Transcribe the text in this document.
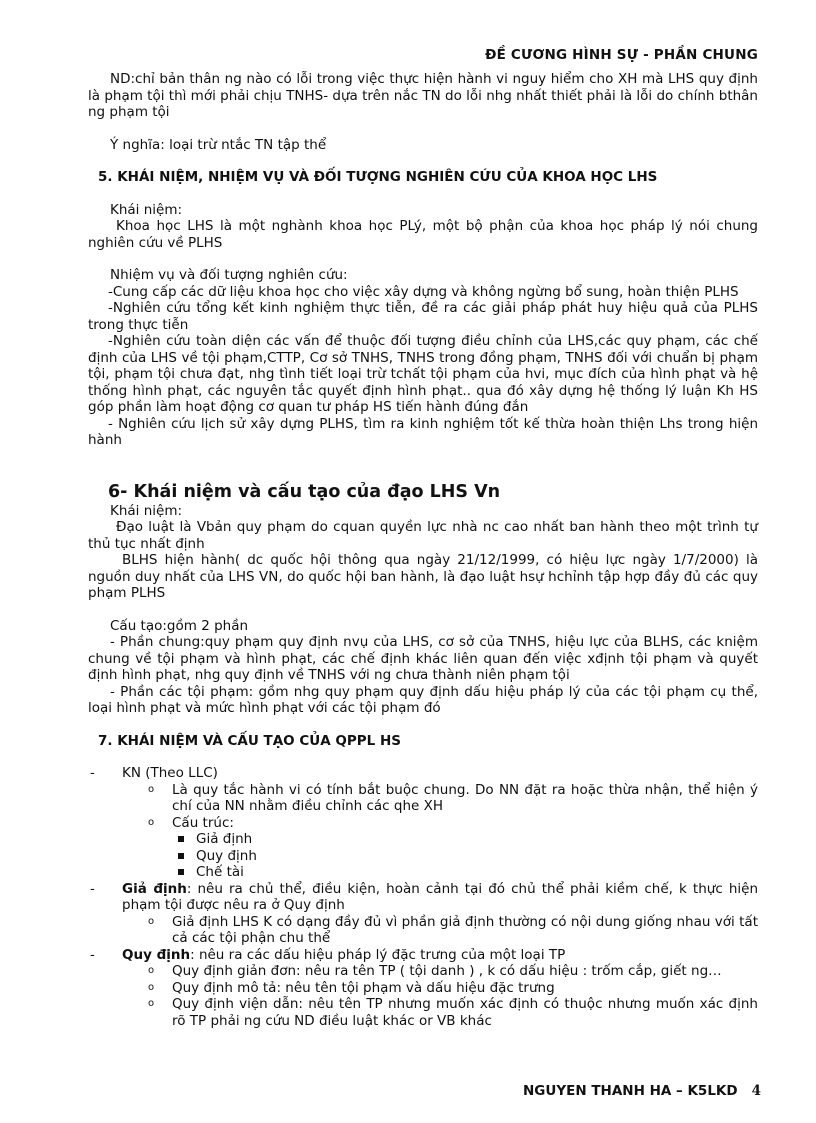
ĐỀ CƯƠNG HÌNH SỰ - PHẦN CHUNG

ND:chỉ bản thân ng nào có lỗi trong việc thực hiện hành vi nguy hiểm cho XH mà LHS quy định là phạm tội thì mới phải chịu TNHS- dựa trên nắc TN do lỗi nhg nhất thiết phải là lỗi do chính bthân ng phạm tội

Ý nghĩa: loại trừ ntắc TN tập thể

5. KHÁI NIỆM, NHIỆM VỤ VÀ ĐỐI TƯỢNG NGHIÊN CỨU CỦA KHOA HỌC LHS

Khái niệm:

Khoa học LHS là một nghành khoa học PLý, một bộ phận của khoa học pháp lý nói chung nghiên cứu về PLHS

Nhiệm vụ và đối tượng nghiên cứu:

-Cung cấp các dữ liệu khoa học cho việc xây dựng và không ngừng bổ sung, hoàn thiện PLHS

-Nghiên cứu tổng kết kinh nghiệm thực tiễn, đề ra các giải pháp phát huy hiệu quả của PLHS trong thực tiễn

-Nghiên cứu toàn diện các vấn để thuộc đối tượng điều chỉnh của LHS,các quy phạm, các chế định của LHS về tội phạm,CTTP, Cơ sở TNHS, TNHS trong đồng phạm, TNHS đối với chuẩn bị phạm tội, phạm tội chưa đạt, nhg tình tiết loại trừ tchất tội phạm của hvi, mục đích của hình phạt và hệ thống hình phạt, các nguyên tắc quyết định hình phạt.. qua đó xây dựng hệ thống lý luận Kh HS góp phần làm hoạt động cơ quan tư pháp HS tiến hành đúng đắn

- Nghiên cứu lịch sử xây dựng PLHS, tìm ra kinh nghiệm tốt kế thừa hoàn thiện Lhs trong hiện hành

6- Khái niệm và cấu tạo của đạo LHS Vn

Khái niệm:

Đạo luật là Vbản quy phạm do cquan quyền lực nhà nc cao nhất ban hành theo một trình tự thủ tục nhất định

BLHS hiện hành( dc quốc hội thông qua ngày 21/12/1999, có hiệu lực ngày 1/7/2000) là nguồn duy nhất của LHS VN, do quốc hội ban hành, là đạo luật hsự hchỉnh tập hợp đầy đủ các quy phạm PLHS

Cấu tạo:gồm 2 phần

- Phần chung:quy phạm quy định nvụ của LHS, cơ sở của TNHS, hiệu lực của BLHS, các kniệm chung về tội phạm và hình phạt, các chế định khác liên quan đến việc xđịnh tội phạm và quyết định hình phạt, nhg quy định về TNHS với ng chưa thành niên phạm tội

- Phần các tội phạm: gồm nhg quy phạm quy định dấu hiệu pháp lý của các tội phạm cụ thể, loại hình phạt và mức hình phạt với các tội phạm đó

7. KHÁI NIỆM VÀ CẤU TẠO CỦA QPPL HS

- KN (Theo LLC)
o Là quy tắc hành vi có tính bắt buộc chung. Do NN đặt ra hoặc thừa nhận, thể hiện ý chí của NN nhằm điều chỉnh các qhe XH

o Cấu trúc:
Giả định
Quy định
Chế tài
- Giả định: nêu ra chủ thể, điều kiện, hoàn cảnh tại đó chủ thể phải kiềm chế, k thực hiện phạm tội được nêu ra ở Quy định

o Giả định LHS K có dạng đầy đủ vì phần giả định thường có nội dung giống nhau với tất cả các tội phận chu thể

- Quy định: nêu ra các dấu hiệu pháp lý đặc trưng của một loại TP

o Quy định giản đơn: nêu ra tên TP ( tội danh ) , k có dấu hiệu : trốm cắp, giết ng…

o Quy định mô tả: nêu tên tội phạm và dấu hiệu đặc trưng

o Quy định viện dẫn: nêu tên TP nhưng muốn xác định có thuộc nhưng muốn xác định rõ TP phải ng cứu ND điều luật khác or VB khác

NGUYEN THANH HA – K5LKD 4
